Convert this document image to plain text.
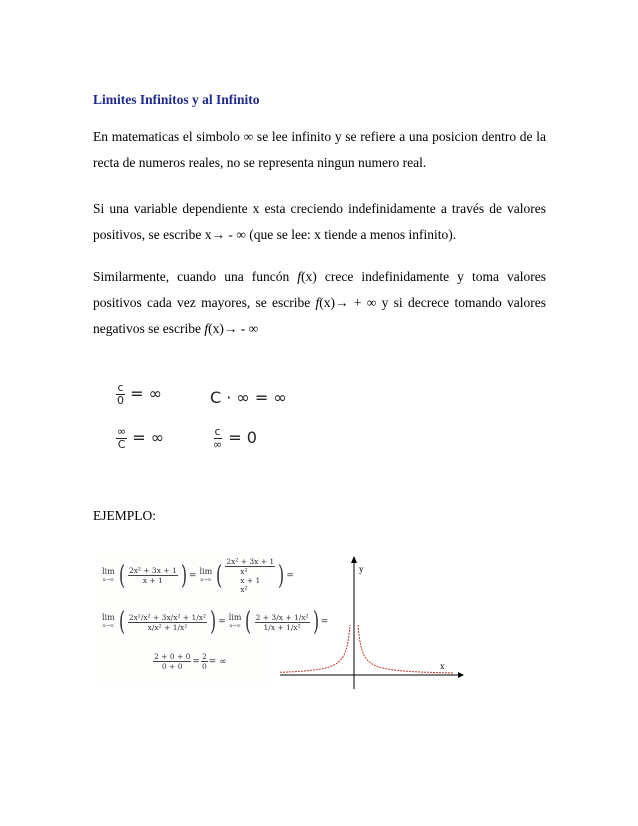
Limites Infinitos y al Infinito
En matematicas el simbolo ∞ se lee infinito y se refiere a una posicion dentro de la recta de numeros reales, no se representa ningun numero real.
Si una variable dependiente x esta creciendo indefinidamente a través de valores positivos, se escribe x→ - ∞ (que se lee: x tiende a menos infinito).
Similarmente, cuando una funcón f(x) crece indefinidamente y toma valores positivos cada vez mayores, se escribe f(x)→ + ∞ y si decrece tomando valores negativos se escribe f(x)→ - ∞
$\frac{c}{0}$ = ∞	C · ∞ = ∞
$\frac{\infty}{C}$ = ∞	$\frac{c}{\infty} = 0$
EJEMPLO:
lim
x→∞ ( $\frac{\text{2x² + 3x + 1}}{x + 1}$ ) = lim
x→∞ ( 2x² + 3x + 1
x²
x + 1
x²	) =
lim
x→∞ ( $\frac{\text{2x²/x² + 3x/x² + 1/x²}}{\text{x/x² + 1/x²}}$ ) = lim
x→∞ ( $\frac{\text{2 + 3/x + 1/x²}}{\text{1/x + 1/x²}}$ ) =
$\frac{2 + 0 + 0}{0 + 0} = \frac{2}{0}$ = ∞	x
y
